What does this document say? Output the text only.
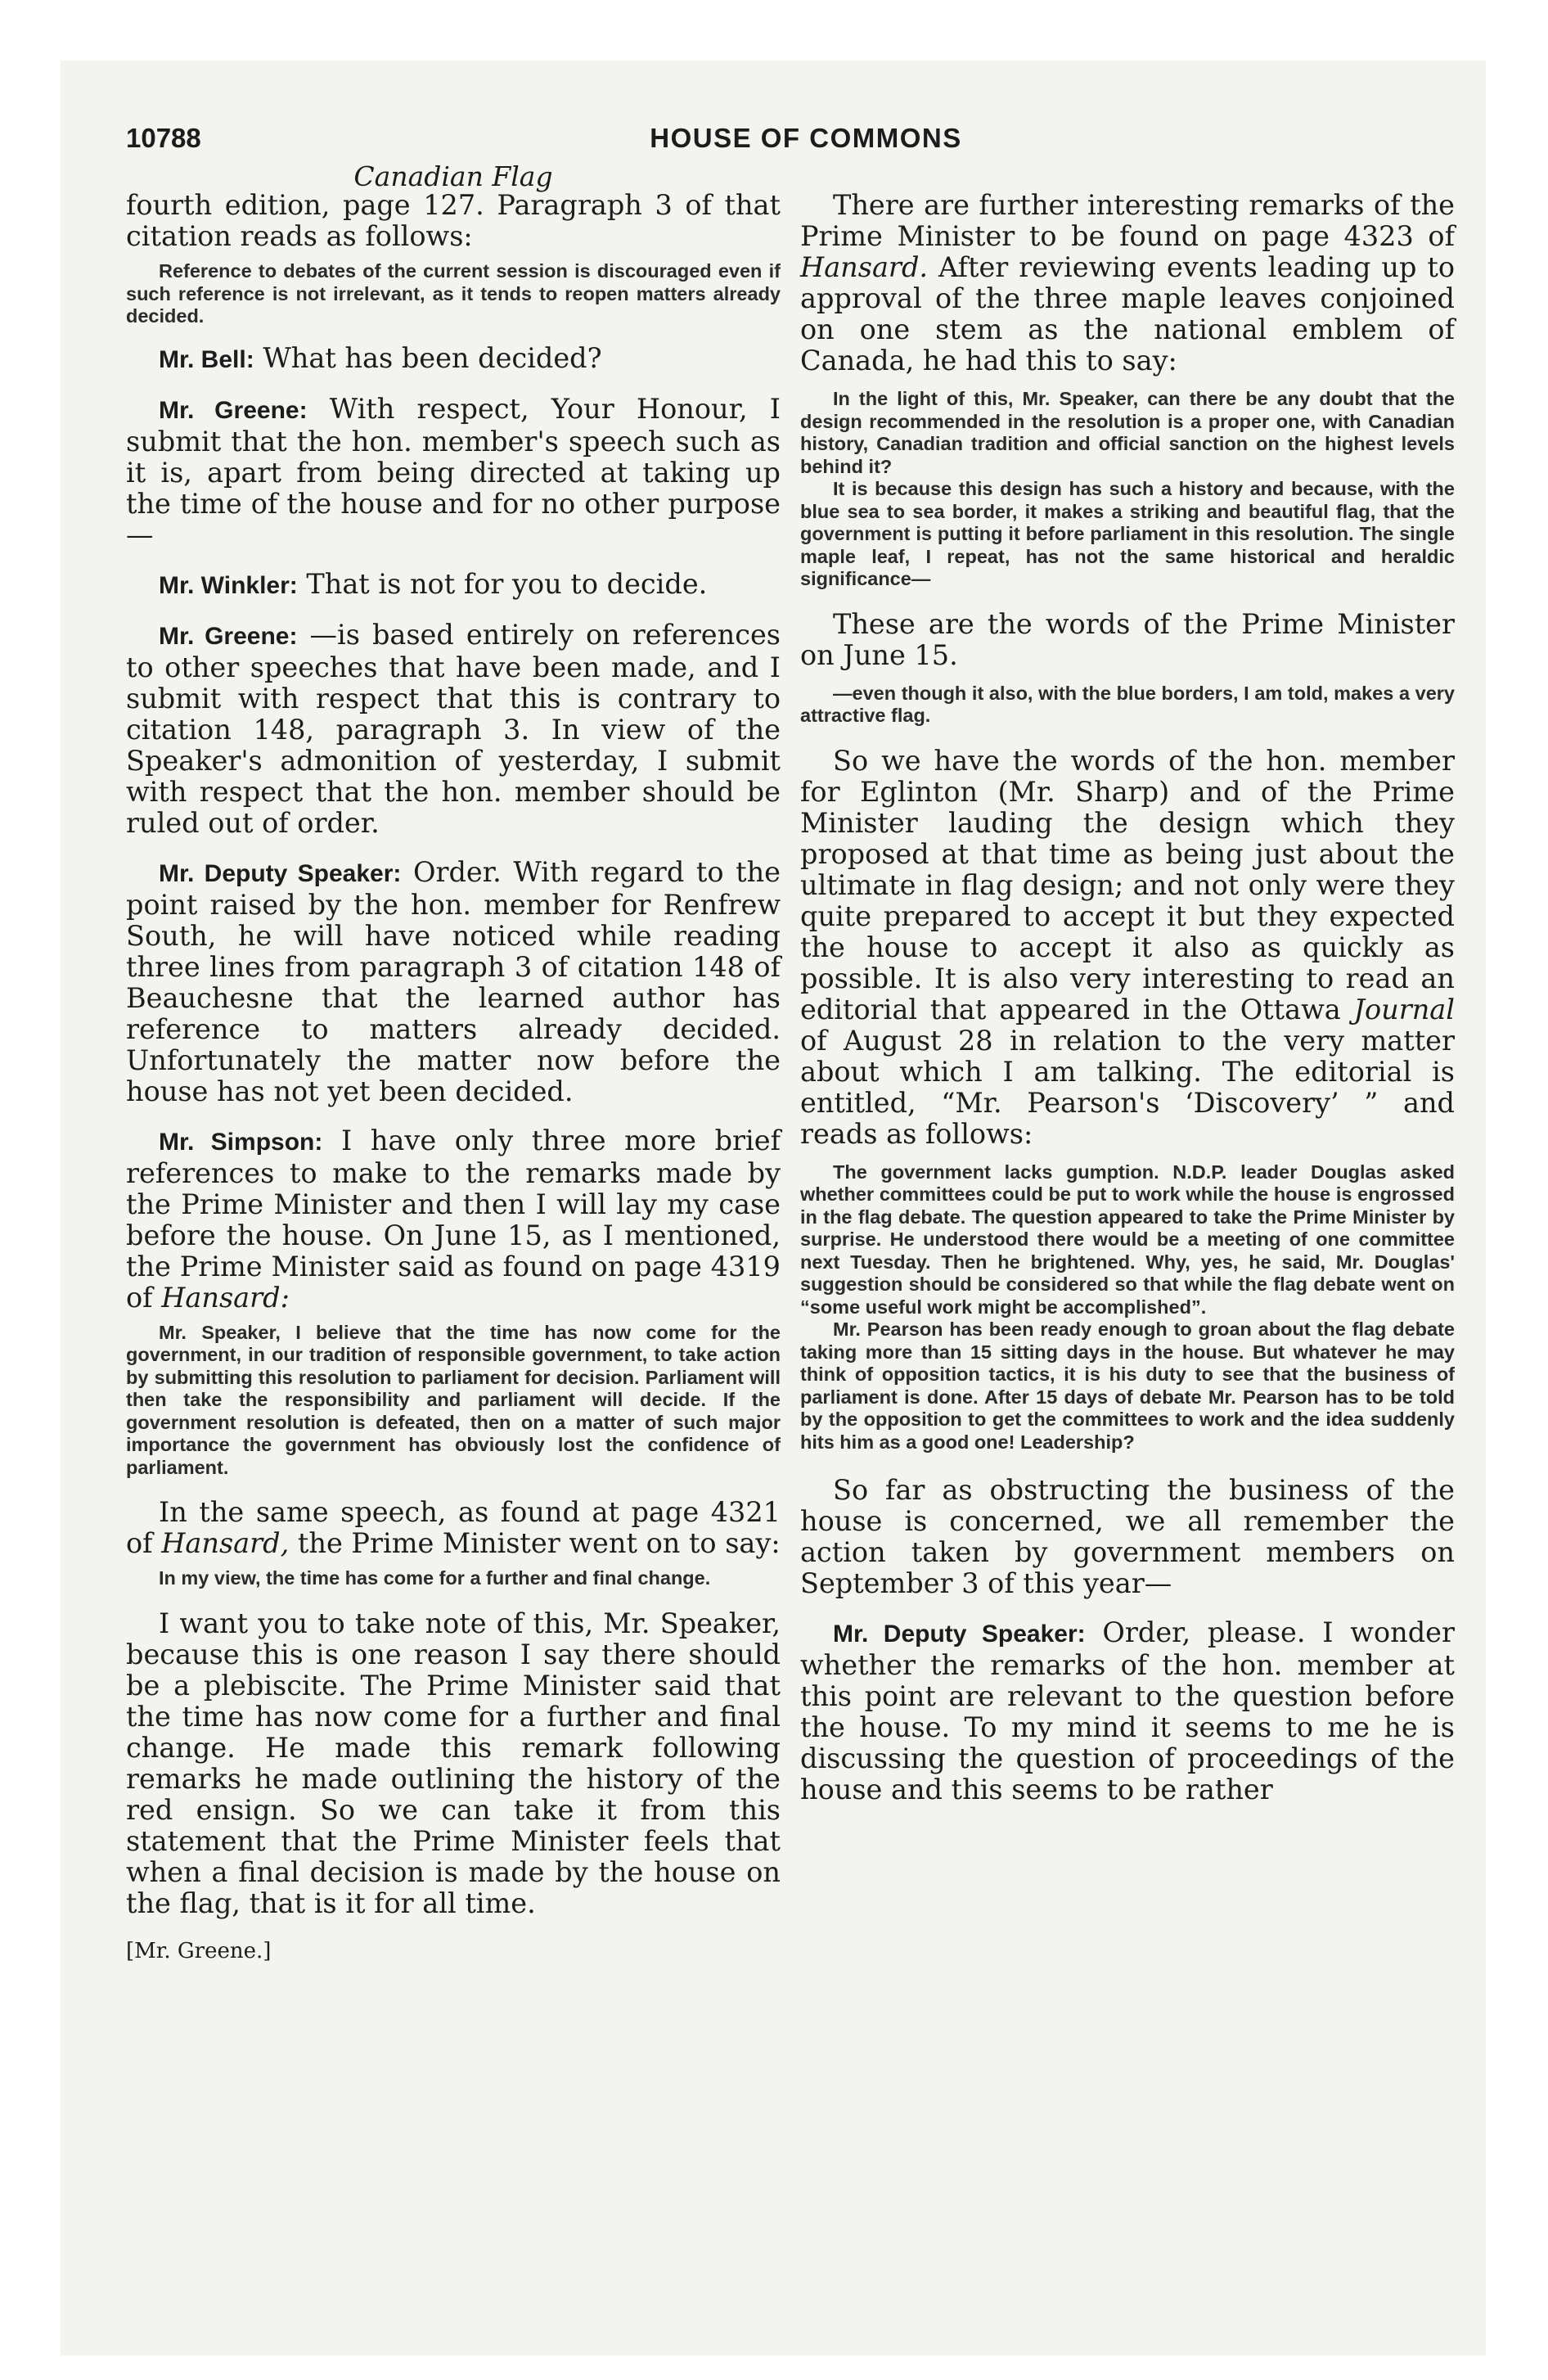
10788	HOUSE OF COMMONS
Canadian Flag

fourth edition, page 127. Paragraph 3 of that citation reads as follows:

Reference to debates of the current session is discouraged even if such reference is not irrelevant, as it tends to reopen matters already decided.

Mr. Bell: What has been decided?

Mr. Greene: With respect, Your Honour, I submit that the hon. member's speech such as it is, apart from being directed at taking up the time of the house and for no other purpose—

Mr. Winkler: That is not for you to decide.

Mr. Greene: —is based entirely on references to other speeches that have been made, and I submit with respect that this is contrary to citation 148, paragraph 3. In view of the Speaker's admonition of yesterday, I submit with respect that the hon. member should be ruled out of order.

Mr. Deputy Speaker: Order. With regard to the point raised by the hon. member for Renfrew South, he will have noticed while reading three lines from paragraph 3 of citation 148 of Beauchesne that the learned author has reference to matters already decided. Unfortunately the matter now before the house has not yet been decided.

Mr. Simpson: I have only three more brief references to make to the remarks made by the Prime Minister and then I will lay my case before the house. On June 15, as I mentioned, the Prime Minister said as found on page 4319 of Hansard:

Mr. Speaker, I believe that the time has now come for the government, in our tradition of responsible government, to take action by submitting this resolution to parliament for decision. Parliament will then take the responsibility and parliament will decide. If the government resolution is defeated, then on a matter of such major importance the government has obviously lost the confidence of parliament.

In the same speech, as found at page 4321 of Hansard, the Prime Minister went on to say:

In my view, the time has come for a further and final change.

I want you to take note of this, Mr. Speaker, because this is one reason I say there should be a plebiscite. The Prime Minister said that the time has now come for a further and final change. He made this remark following remarks he made outlining the history of the red ensign. So we can take it from this statement that the Prime Minister feels that when a final decision is made by the house on the flag, that is it for all time.

[Mr. Greene.]

There are further interesting remarks of the Prime Minister to be found on page 4323 of Hansard. After reviewing events leading up to approval of the three maple leaves conjoined on one stem as the national emblem of Canada, he had this to say:

In the light of this, Mr. Speaker, can there be any doubt that the design recommended in the resolution is a proper one, with Canadian history, Canadian tradition and official sanction on the highest levels behind it?

It is because this design has such a history and because, with the blue sea to sea border, it makes a striking and beautiful flag, that the government is putting it before parliament in this resolution. The single maple leaf, I repeat, has not the same historical and heraldic significance—

These are the words of the Prime Minister on June 15.

—even though it also, with the blue borders, I am told, makes a very attractive flag.

So we have the words of the hon. member for Eglinton (Mr. Sharp) and of the Prime Minister lauding the design which they proposed at that time as being just about the ultimate in flag design; and not only were they quite prepared to accept it but they expected the house to accept it also as quickly as possible. It is also very interesting to read an editorial that appeared in the Ottawa Journal of August 28 in relation to the very matter about which I am talking. The editorial is entitled, “Mr. Pearson's ‘Discovery’ ” and reads as follows:

The government lacks gumption. N.D.P. leader Douglas asked whether committees could be put to work while the house is engrossed in the flag debate. The question appeared to take the Prime Minister by surprise. He understood there would be a meeting of one committee next Tuesday. Then he brightened. Why, yes, he said, Mr. Douglas' suggestion should be considered so that while the flag debate went on “some useful work might be accomplished”.

Mr. Pearson has been ready enough to groan about the flag debate taking more than 15 sitting days in the house. But whatever he may think of opposition tactics, it is his duty to see that the business of parliament is done. After 15 days of debate Mr. Pearson has to be told by the opposition to get the committees to work and the idea suddenly hits him as a good one! Leadership?

So far as obstructing the business of the house is concerned, we all remember the action taken by government members on September 3 of this year—

Mr. Deputy Speaker: Order, please. I wonder whether the remarks of the hon. member at this point are relevant to the question before the house. To my mind it seems to me he is discussing the question of proceedings of the house and this seems to be rather
